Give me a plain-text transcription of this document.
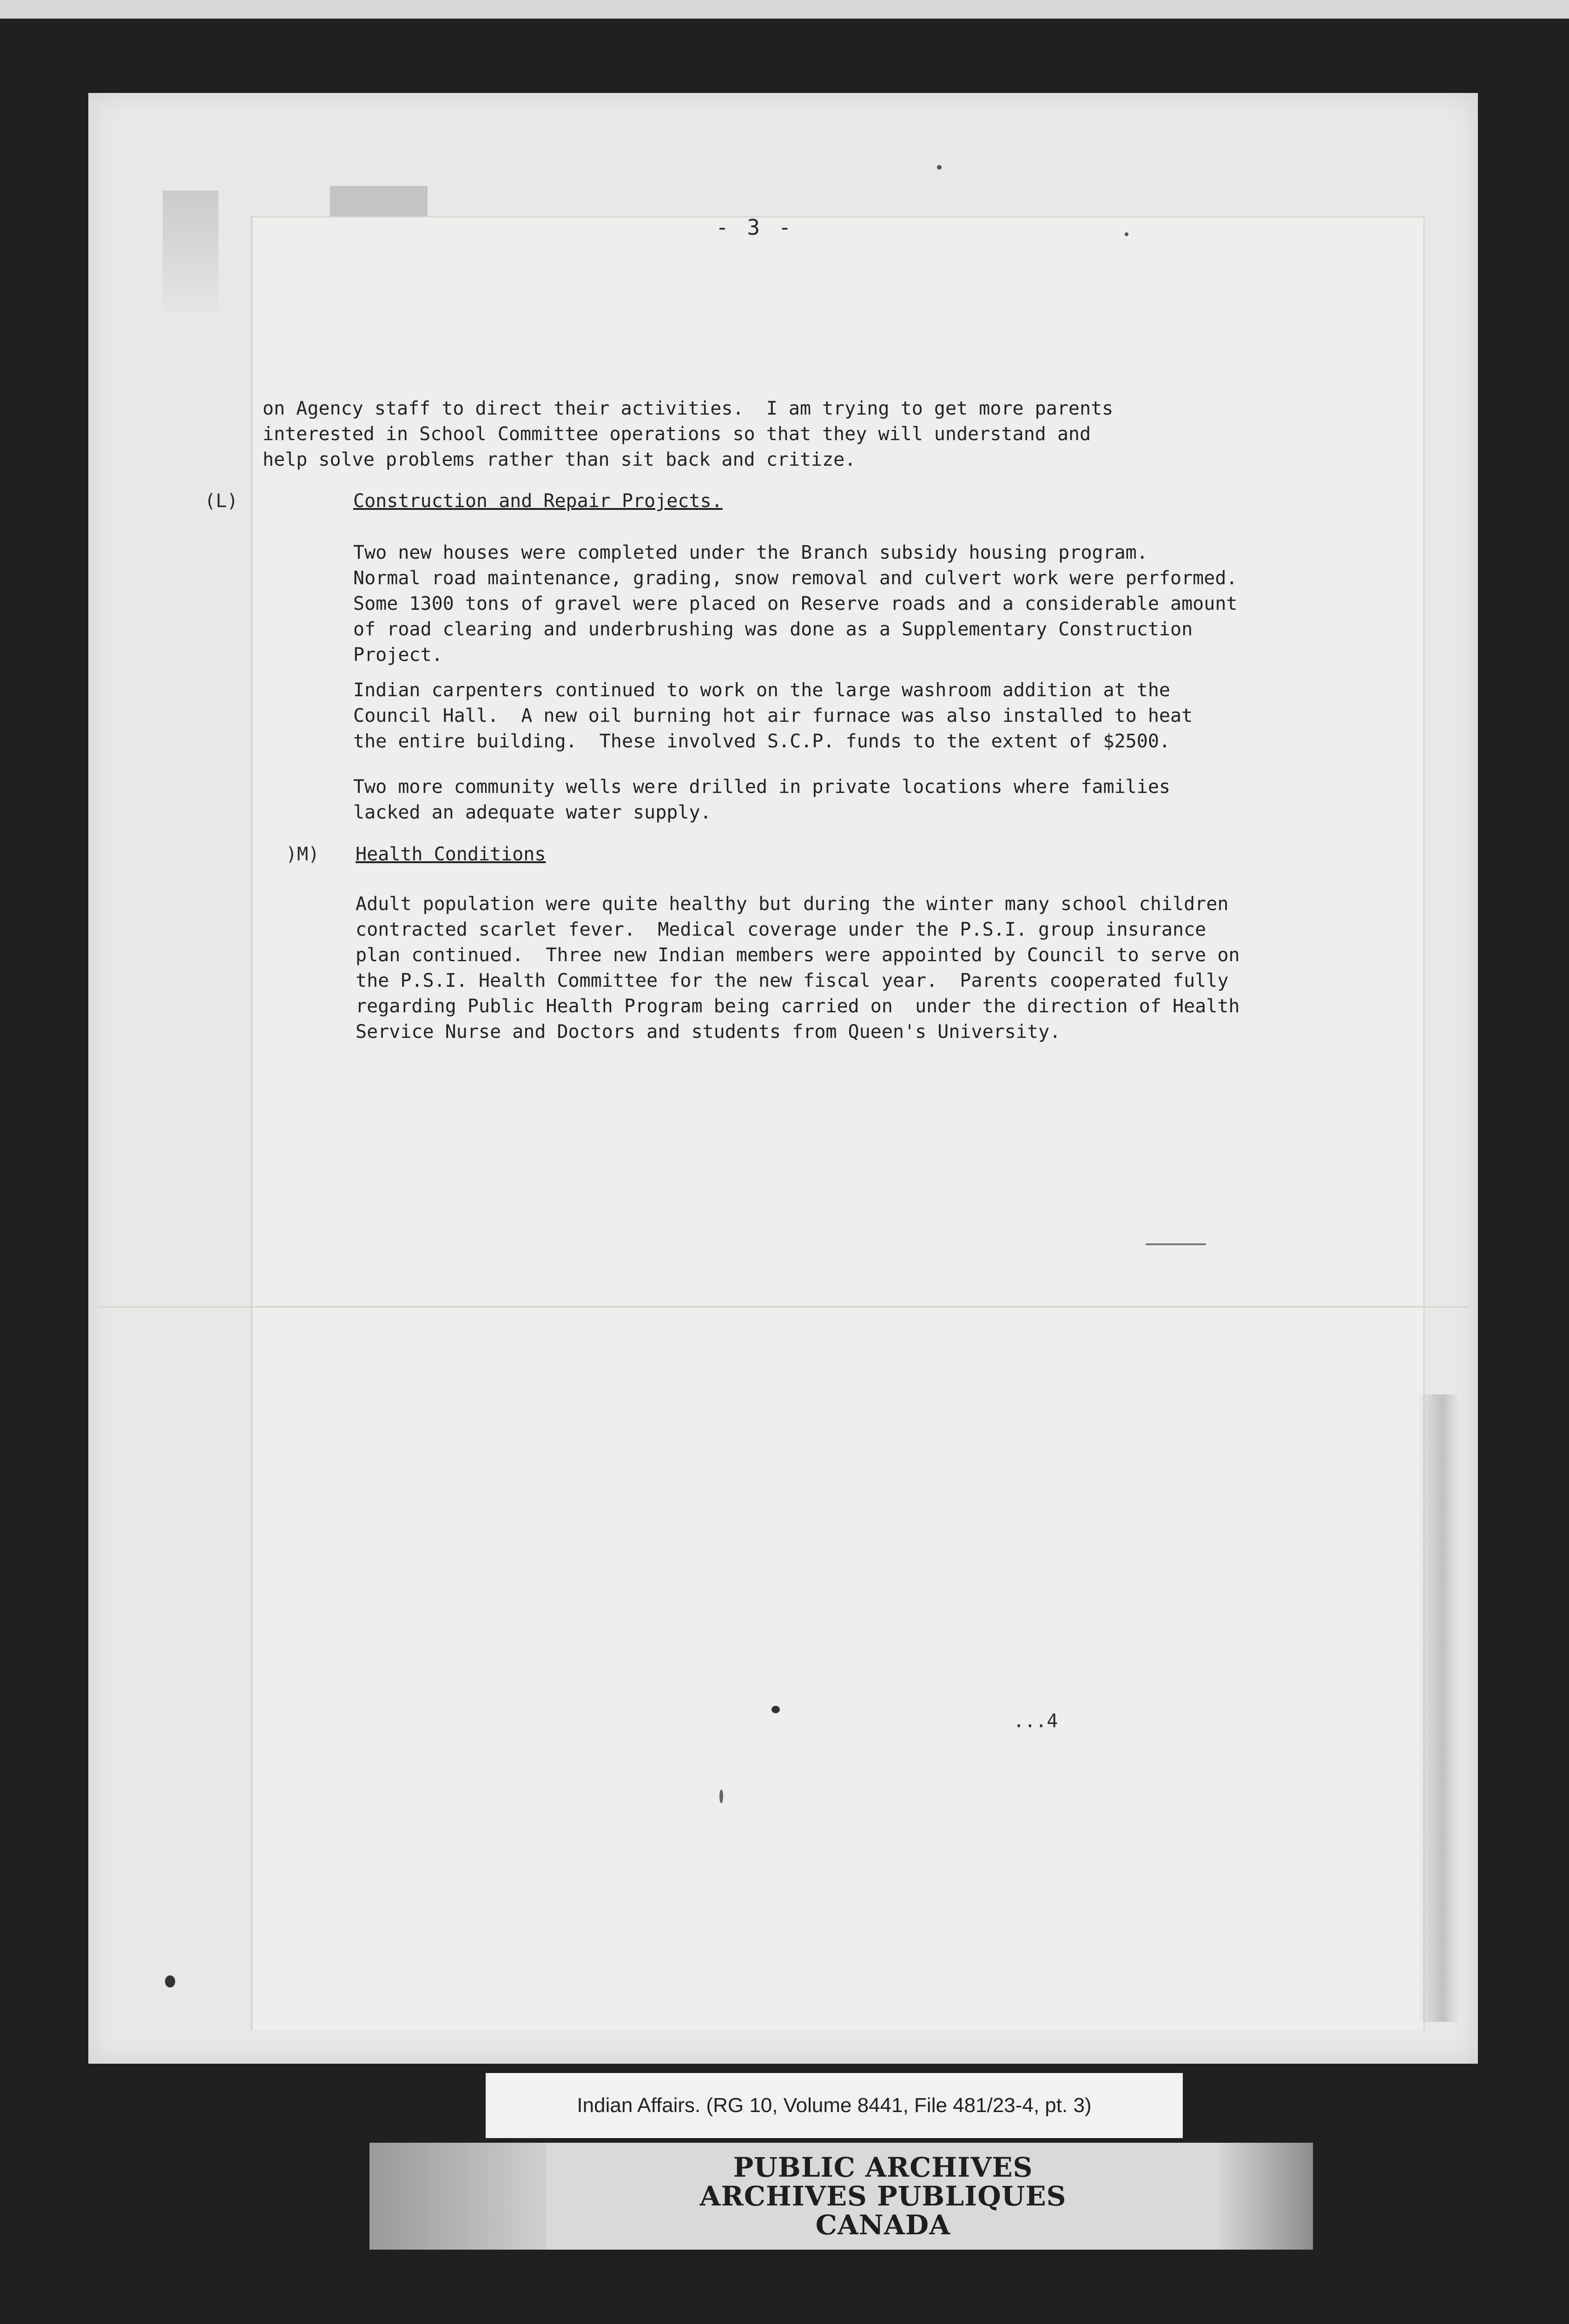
- 3 -
on Agency staff to direct their activities.  I am trying to get more parents
interested in School Committee operations so that they will understand and
help solve problems rather than sit back and critize.
(L)	Construction and Repair Projects.
Two new houses were completed under the Branch subsidy housing program.
Normal road maintenance, grading, snow removal and culvert work were performed.
Some 1300 tons of gravel were placed on Reserve roads and a considerable amount
of road clearing and underbrushing was done as a Supplementary Construction
Project.
Indian carpenters continued to work on the large washroom addition at the
Council Hall.  A new oil burning hot air furnace was also installed to heat
the entire building.  These involved S.C.P. funds to the extent of $2500.
Two more community wells were drilled in private locations where families
lacked an adequate water supply.
)M) Health Conditions
Adult population were quite healthy but during the winter many school children
contracted scarlet fever.  Medical coverage under the P.S.I. group insurance
plan continued.  Three new Indian members were appointed by Council to serve on
the P.S.I. Health Committee for the new fiscal year.  Parents cooperated fully
regarding Public Health Program being carried on  under the direction of Health
Service Nurse and Doctors and students from Queen's University.
...4
Indian Affairs. (RG 10, Volume 8441, File 481/23-4, pt. 3)
PUBLIC ARCHIVES
ARCHIVES PUBLIQUES
CANADA
